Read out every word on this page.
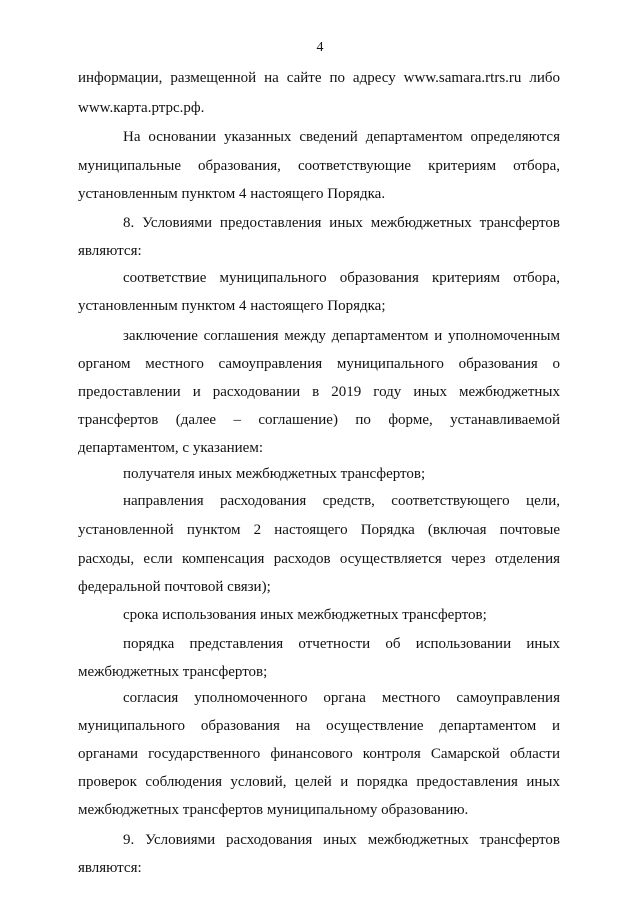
4
информации, размещенной на сайте по адресу www.samara.rtrs.ru либо
www.карта.ртрс.рф.
На основании указанных сведений департаментом определяются
муниципальные образования, соответствующие критериям отбора,
установленным пунктом 4 настоящего Порядка.
8. Условиями предоставления иных межбюджетных трансфертов
являются:
соответствие муниципального образования критериям отбора,
установленным пунктом 4 настоящего Порядка;
заключение соглашения между департаментом и уполномоченным
органом местного самоуправления муниципального образования о
предоставлении и расходовании в 2019 году иных межбюджетных
трансфертов (далее – соглашение) по форме, устанавливаемой
департаментом, с указанием:
получателя иных межбюджетных трансфертов;
направления расходования средств, соответствующего цели,
установленной пунктом 2 настоящего Порядка (включая почтовые
расходы, если компенсация расходов осуществляется через отделения
федеральной почтовой связи);
срока использования иных межбюджетных трансфертов;
порядка представления отчетности об использовании иных
межбюджетных трансфертов;
согласия уполномоченного органа местного самоуправления
муниципального образования на осуществление департаментом и
органами государственного финансового контроля Самарской области
проверок соблюдения условий, целей и порядка предоставления иных
межбюджетных трансфертов муниципальному образованию.
9. Условиями расходования иных межбюджетных трансфертов
являются:
